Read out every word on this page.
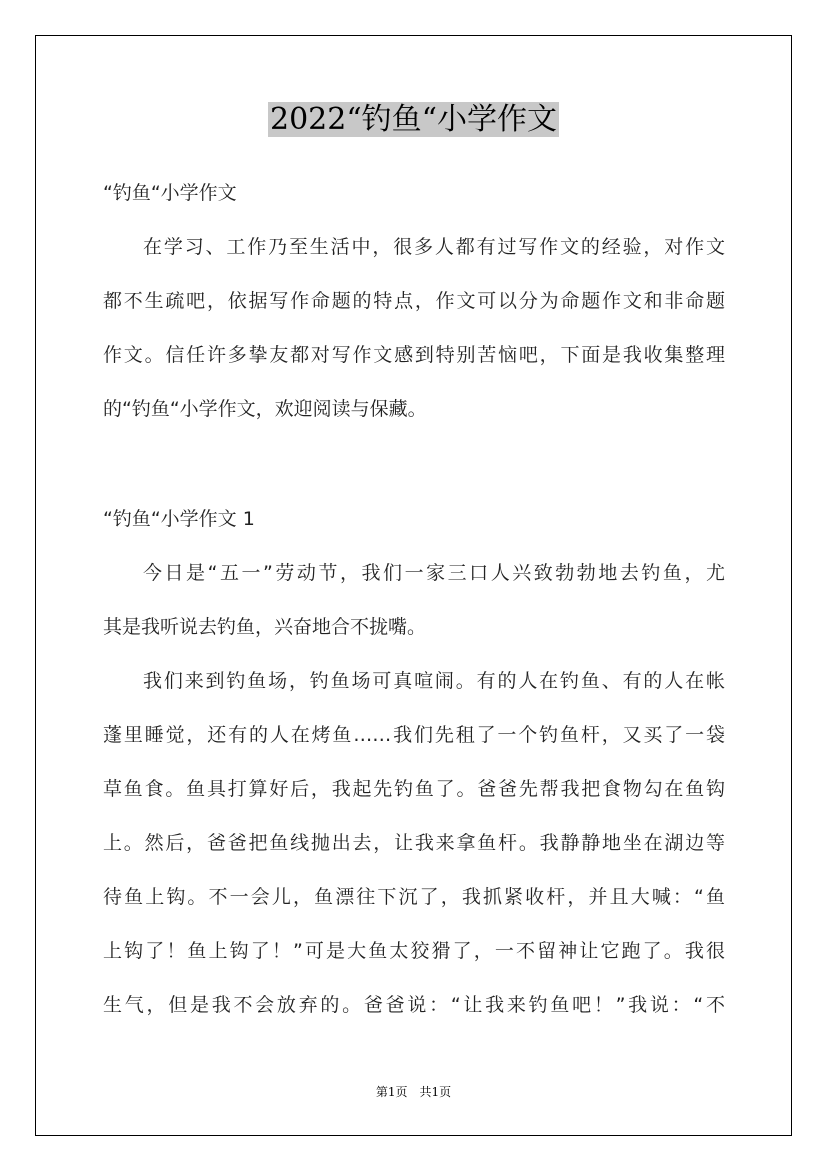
2022“钓鱼“小学作文
“钓鱼“小学作文
在学习、工作乃至生活中，很多人都有过写作文的经验，对作文
都不生疏吧，依据写作命题的特点，作文可以分为命题作文和非命题
作文。信任许多挚友都对写作文感到特别苦恼吧，下面是我收集整理
的“钓鱼“小学作文，欢迎阅读与保藏。
“钓鱼“小学作文 1
今日是“五一”劳动节，我们一家三口人兴致勃勃地去钓鱼，尤
其是我听说去钓鱼，兴奋地合不拢嘴。
我们来到钓鱼场，钓鱼场可真喧闹。有的人在钓鱼、有的人在帐
蓬里睡觉，还有的人在烤鱼……我们先租了一个钓鱼杆，又买了一袋
草鱼食。鱼具打算好后，我起先钓鱼了。爸爸先帮我把食物勾在鱼钩
上。然后，爸爸把鱼线抛出去，让我来拿鱼杆。我静静地坐在湖边等
待鱼上钩。不一会儿，鱼漂往下沉了，我抓紧收杆，并且大喊：“鱼
上钩了！鱼上钩了！”可是大鱼太狡猾了，一不留神让它跑了。我很
生气，但是我不会放弃的。爸爸说：“让我来钓鱼吧！”我说：“不
第1页 共1页
